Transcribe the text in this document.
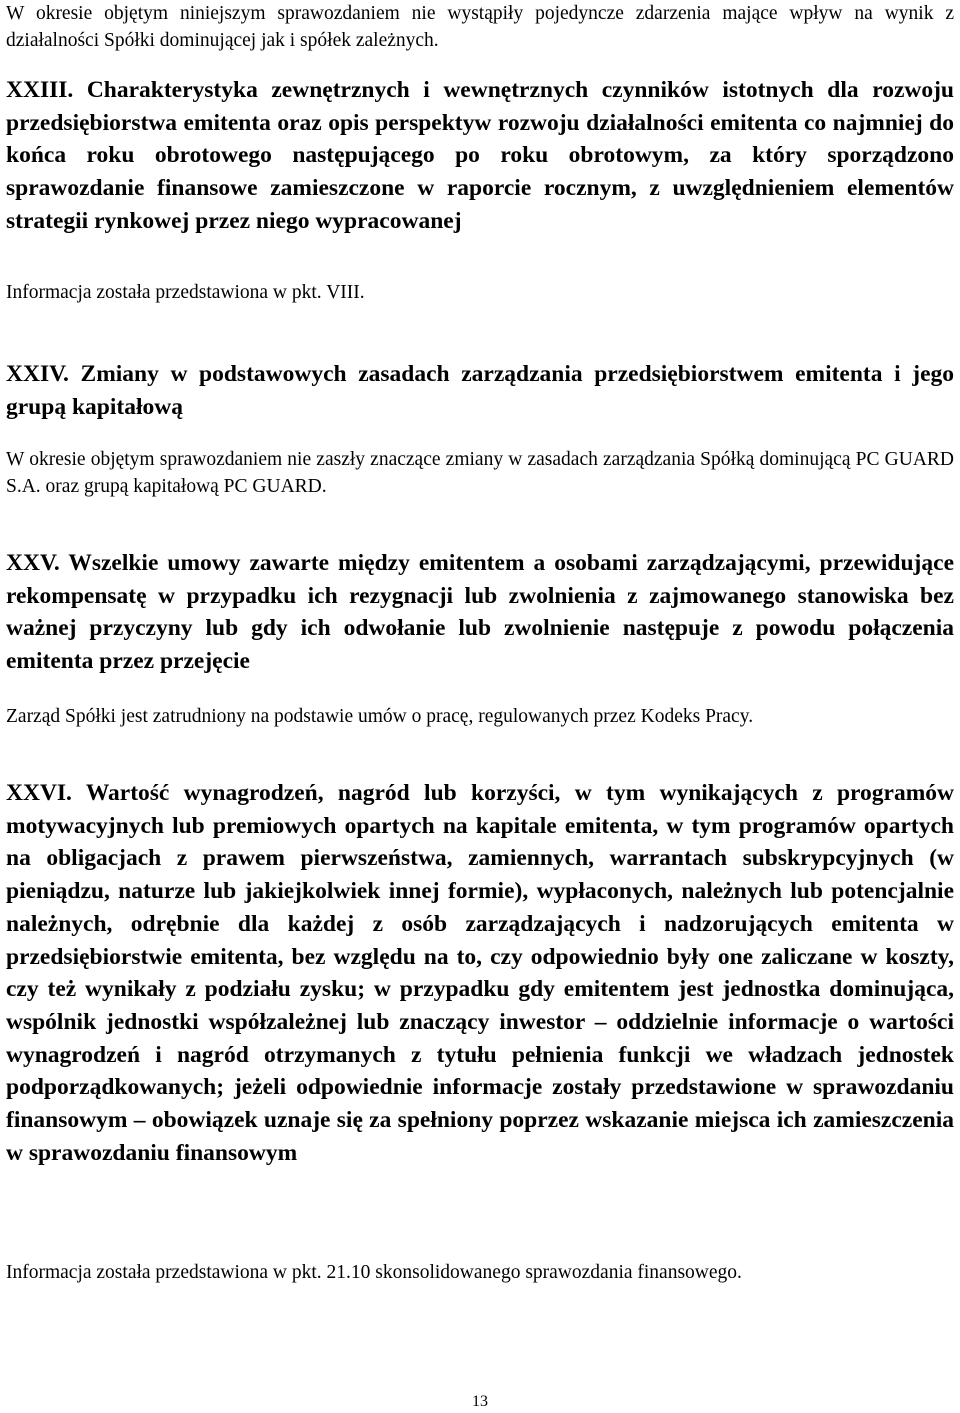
W okresie objętym niniejszym sprawozdaniem nie wystąpiły pojedyncze zdarzenia mające wpływ na wynik z działalności Spółki dominującej jak i spółek zależnych.

XXIII. Charakterystyka zewnętrznych i wewnętrznych czynników istotnych dla rozwoju przedsiębiorstwa emitenta oraz opis perspektyw rozwoju działalności emitenta co najmniej do końca roku obrotowego następującego po roku obrotowym, za który sporządzono sprawozdanie finansowe zamieszczone w raporcie rocznym, z uwzględnieniem elementów strategii rynkowej przez niego wypracowanej

Informacja została przedstawiona w pkt. VIII.

XXIV. Zmiany w podstawowych zasadach zarządzania przedsiębiorstwem emitenta i jego grupą kapitałową

W okresie objętym sprawozdaniem nie zaszły znaczące zmiany w zasadach zarządzania Spółką dominującą PC GUARD S.A. oraz grupą kapitałową PC GUARD.

XXV. Wszelkie umowy zawarte między emitentem a osobami zarządzającymi, przewidujące rekompensatę w przypadku ich rezygnacji lub zwolnienia z zajmowanego stanowiska bez ważnej przyczyny lub gdy ich odwołanie lub zwolnienie następuje z powodu połączenia emitenta przez przejęcie

Zarząd Spółki jest zatrudniony na podstawie umów o pracę, regulowanych przez Kodeks Pracy.

XXVI. Wartość wynagrodzeń, nagród lub korzyści, w tym wynikających z programów motywacyjnych lub premiowych opartych na kapitale emitenta, w tym programów opartych na obligacjach z prawem pierwszeństwa, zamiennych, warrantach subskrypcyjnych (w pieniądzu, naturze lub jakiejkolwiek innej formie), wypłaconych, należnych lub potencjalnie należnych, odrębnie dla każdej z osób zarządzających i nadzorujących emitenta w przedsiębiorstwie emitenta, bez względu na to, czy odpowiednio były one zaliczane w koszty, czy też wynikały z podziału zysku; w przypadku gdy emitentem jest jednostka dominująca, wspólnik jednostki współzależnej lub znaczący inwestor – oddzielnie informacje o wartości wynagrodzeń i nagród otrzymanych z tytułu pełnienia funkcji we władzach jednostek podporządkowanych; jeżeli odpowiednie informacje zostały przedstawione w sprawozdaniu finansowym – obowiązek uznaje się za spełniony poprzez wskazanie miejsca ich zamieszczenia w sprawozdaniu finansowym

Informacja została przedstawiona w pkt. 21.10 skonsolidowanego sprawozdania finansowego.

13
